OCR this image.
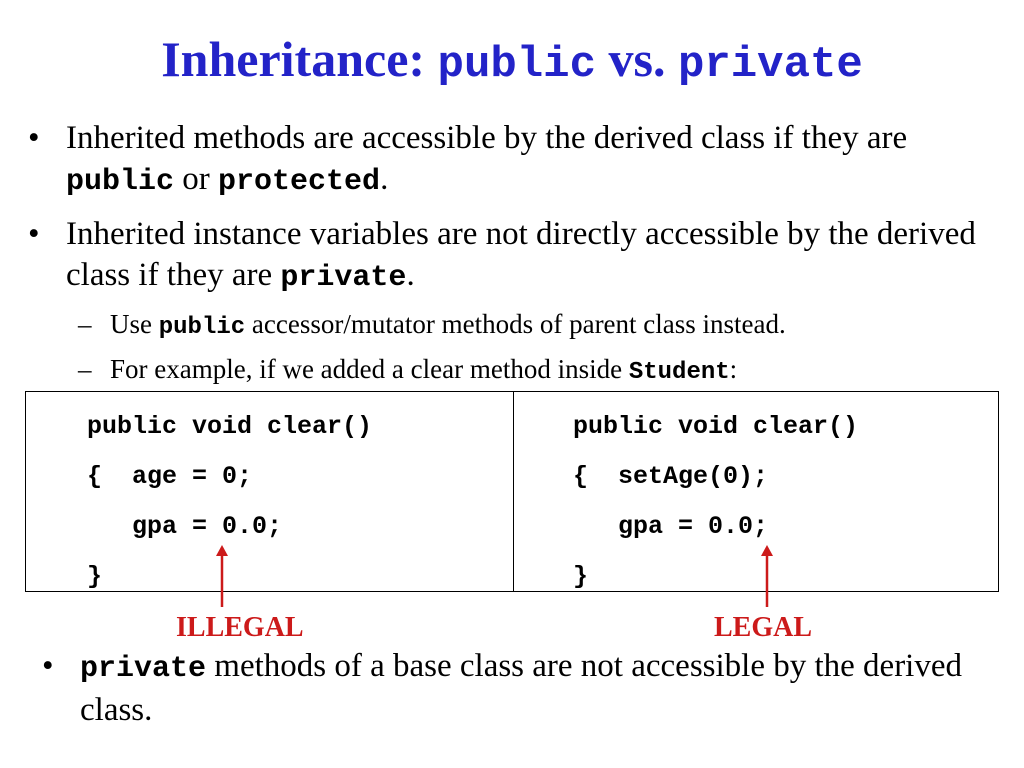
Inheritance: public vs. private
• Inherited methods are accessible by the derived class if they are public or protected.
• Inherited instance variables are not directly accessible by the derived class if they are private.
– Use public accessor/mutator methods of parent class instead.
– For example, if we added a clear method inside Student:
public void clear()
{  age = 0;
gpa = 0.0;
}
public void clear()
{  setAge(0);
gpa = 0.0;
}
ILLEGAL	LEGAL
• private methods of a base class are not accessible by the derived class.
